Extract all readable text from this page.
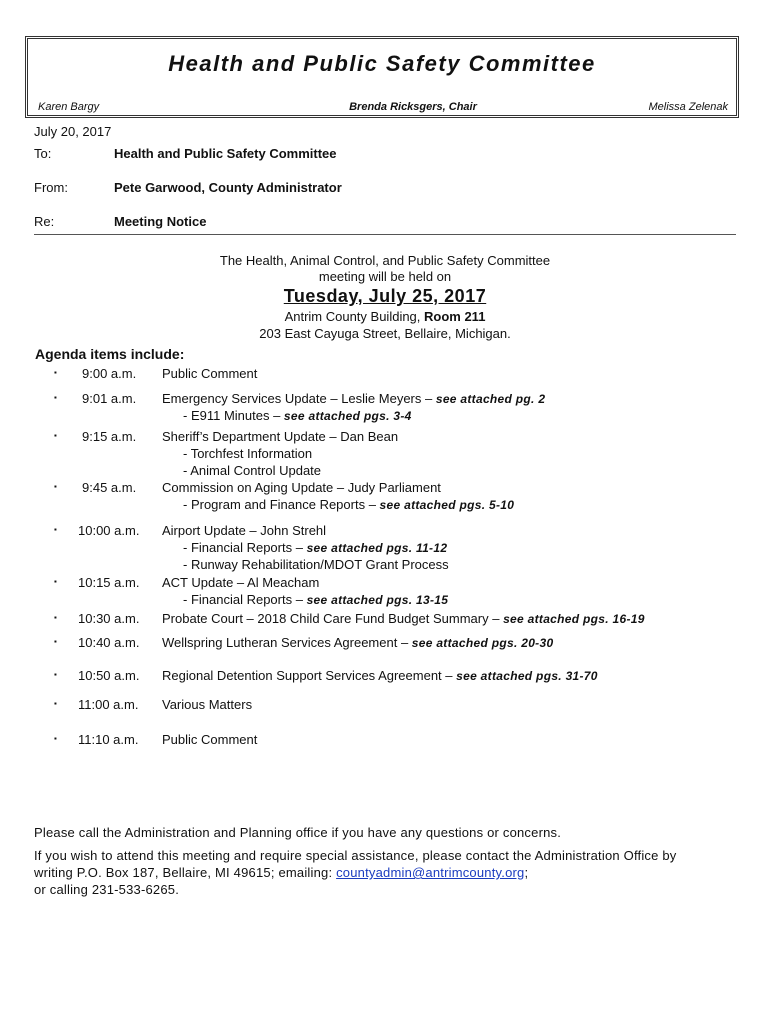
Health and Public Safety Committee
Karen Bargy	Brenda Ricksgers, Chair	Melissa Zelenak
July 20, 2017
To:	Health and Public Safety Committee
From:	Pete Garwood, County Administrator
Re:	Meeting Notice
The Health, Animal Control, and Public Safety Committee
meeting will be held on
Tuesday, July 25, 2017
Antrim County Building, Room 211
203 East Cayuga Street, Bellaire, Michigan.
Agenda items include:
▪ 9:00 a.m. Public Comment
▪ 9:01 a.m. Emergency Services Update – Leslie Meyers – see attached pg. 2
- E911 Minutes – see attached pgs. 3-4
▪ 9:15 a.m. Sheriff’s Department Update – Dan Bean
- Torchfest Information
- Animal Control Update
▪ 9:45 a.m. Commission on Aging Update – Judy Parliament
- Program and Finance Reports – see attached pgs. 5-10
▪ 10:00 a.m. Airport Update – John Strehl
- Financial Reports – see attached pgs. 11-12
- Runway Rehabilitation/MDOT Grant Process
▪ 10:15 a.m. ACT Update – Al Meacham
- Financial Reports – see attached pgs. 13-15
▪ 10:30 a.m. Probate Court – 2018 Child Care Fund Budget Summary – see attached pgs. 16-19
▪ 10:40 a.m. Wellspring Lutheran Services Agreement – see attached pgs. 20-30
▪ 10:50 a.m. Regional Detention Support Services Agreement – see attached pgs. 31-70
▪ 11:00 a.m. Various Matters
▪ 11:10 a.m. Public Comment
Please call the Administration and Planning office if you have any questions or concerns.
If you wish to attend this meeting and require special assistance, please contact the Administration Office by
writing P.O. Box 187, Bellaire, MI 49615; emailing: countyadmin@antrimcounty.org;
or calling 231-533-6265.
